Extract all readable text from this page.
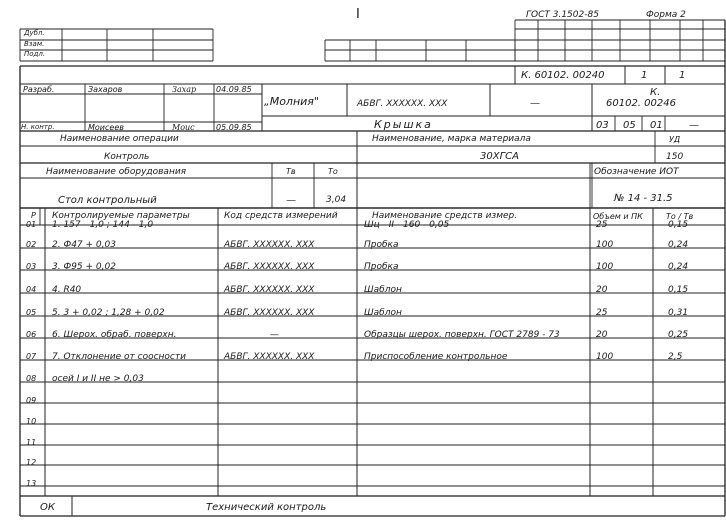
ГОСТ 3.1502-85	Форма 2
I
Дубл.
Взам.
Подл.
К. 60102. 00240	1	1
Разраб.	Захаров	Захар 04.09.85
Н. контр.	Моисеев	Моис	05.09.85
„Молния"	АБВГ. XXXXXX. XXX	—
К.
60102. 00246
Крышка	03 05 01	—
Наименование операции
Контроль
Наименование, марка материала
30ХГСА
УД
150
Наименование оборудования	Тв	То	Обозначение ИОТ
Стол контрольный	—	3,04	№ 14 - 31.5
Р Контролируемые параметры	Код средств измерений	Наименование средств измер.	Объем и ПК	То / Тв
01 1. 157 - 1,0 ; 144 - 1,0	—	Шц - II - 160 - 0,05	25	0,15
02 2. Ф47 + 0,03	АБВГ. XXXXXX. XXX	Пробка	100	0,24
03 3. Ф95 + 0,02	АБВГ. XXXXXX. XXX	Пробка	100	0,24
04 4. R40	АБВГ. XXXXXX. XXX	Шаблон	20	0,15
05 5. 3 + 0,02 ; 1,28 + 0,02	АБВГ. XXXXXX. XXX	Шаблон	25	0,31
06 6. Шерох. обраб. поверхн.	—	Образцы шерох. поверхн. ГОСТ 2789 - 73	20	0,25
07 7. Отклонение от соосности	АБВГ. XXXXXX. XXX	Приспособление контрольное	100	2,5
08 осей I и II не > 0,03
09
10
11
12
13
ОК	Технический контроль
